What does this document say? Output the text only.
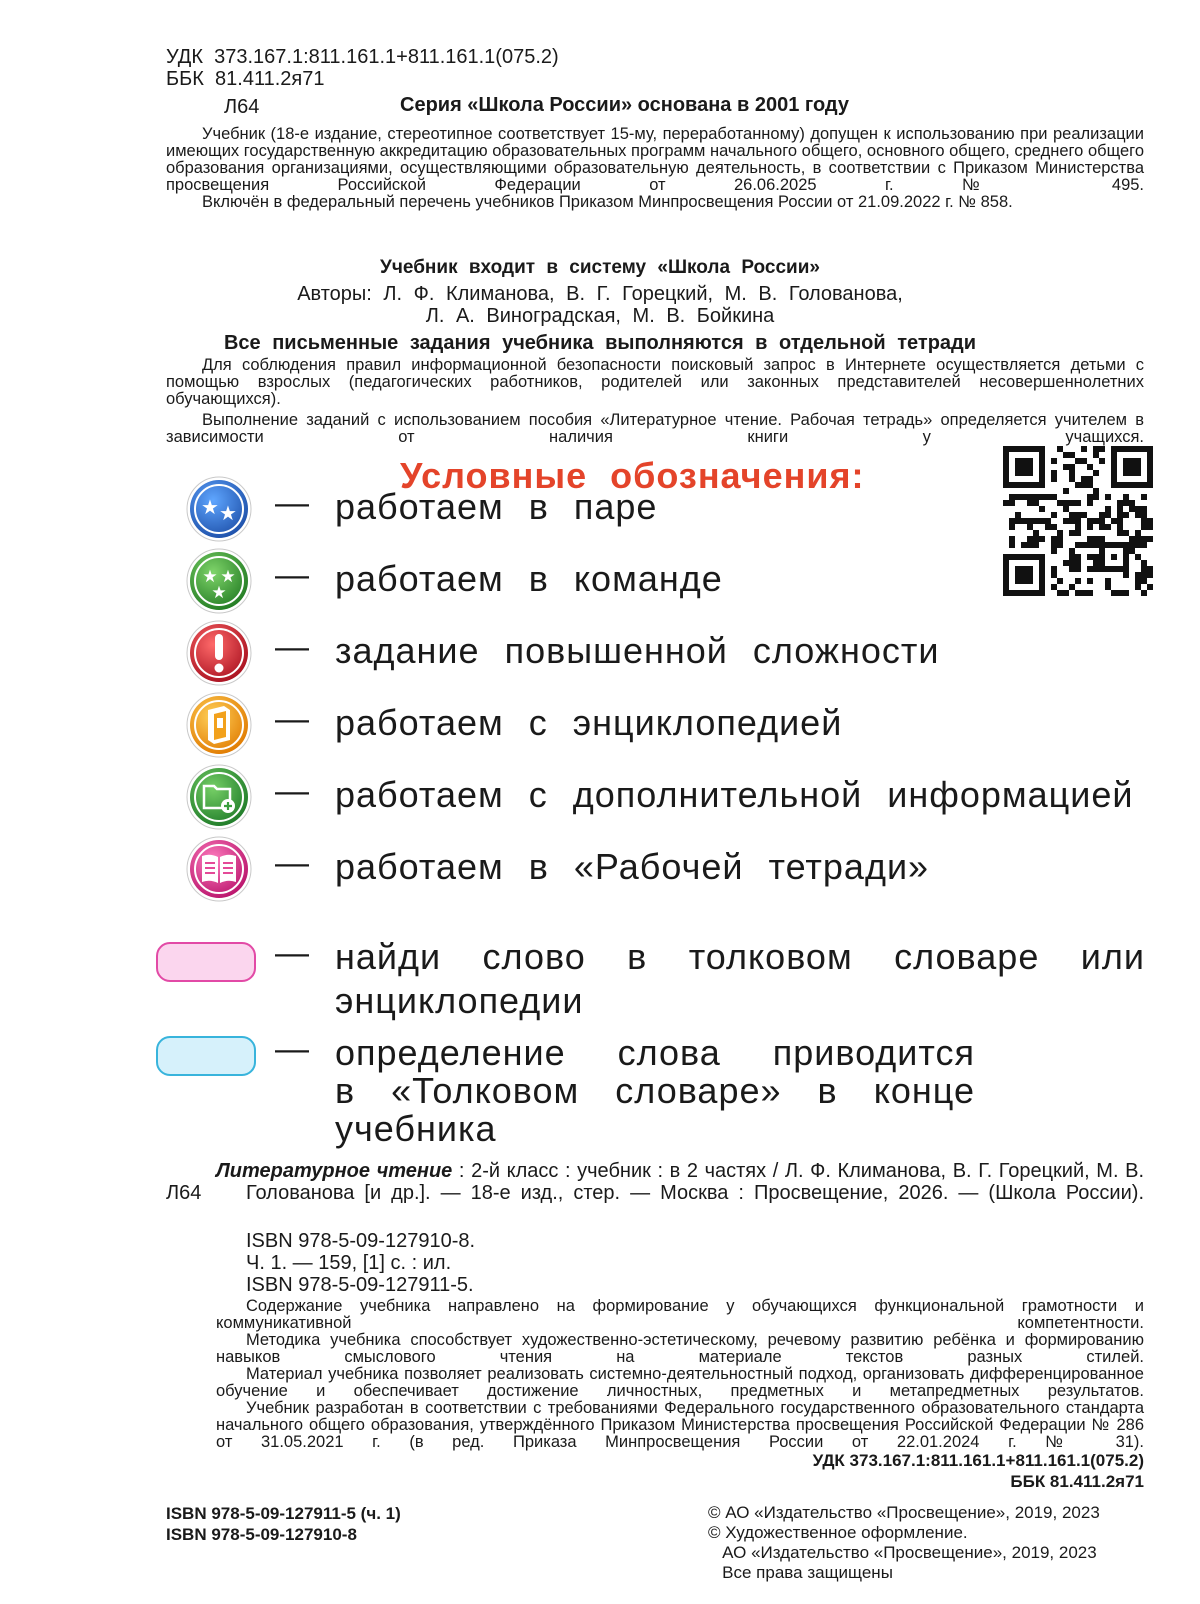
УДК  373.167.1:811.161.1+811.161.1(075.2)
ББК  81.411.2я71
Л64	Серия «Школа России» основана в 2001 году

Учебник (18-е издание, стереотипное соответствует 15-му, переработанному) допущен к использованию при реализации имеющих государственную аккредитацию образовательных программ начального общего, основного общего, среднего общего образования организациями, осуществляющими образовательную деятельность, в соответствии с Приказом Министерства просвещения Российской Федерации от 26.06.2025 г. № 495.

Включён в федеральный перечень учебников Приказом Минпросвещения России от 21.09.2022 г. № 858.

Учебник входит в систему «Школа России»
Авторы: Л. Ф. Климанова, В. Г. Горецкий, М. В. Голованова,
Л. А. Виноградская, М. В. Бойкина
Все письменные задания учебника выполняются в отдельной тетради

Для соблюдения правил информационной безопасности поисковый запрос в Интернете осуществляется детьми с помощью взрослых (педагогических работников, родителей или законных представителей несовершеннолетних обучающихся).

Выполнение заданий с использованием пособия «Литературное чтение. Рабочая тетрадь» определяется учителем в зависимости от наличия книги у учащихся.

Условные обозначения:
★ ★ — работаем в паре
★ ★
★ — работаем в команде
— задание повышенной сложности
— работаем с энциклопедией
— работаем с дополнительной информацией
— работаем в «Рабочей тетради»
— найди слово в толковом словаре или
энциклопедии
— определение слова приводится
в «Толковом словаре» в конце
учебника
Л64
Литературное чтение : 2-й класс : учебник : в 2 частях / Л. Ф. Климанова, В. Г. Горецкий, М. В. Голованова [и др.]. — 18-е изд., стер. — Москва : Просвещение, 2026. — (Школа России).
ISBN 978-5-09-127910-8.
Ч. 1. — 159, [1] с. : ил.
ISBN 978-5-09-127911-5.

Содержание учебника направлено на формирование у обучающихся функциональной грамотности и коммуникативной компетентности.

Методика учебника способствует художественно-эстетическому, речевому развитию ребёнка и формированию навыков смыслового чтения на материале текстов разных стилей.

Материал учебника позволяет реализовать системно-деятельностный подход, организовать дифференцированное обучение и обеспечивает достижение личностных, предметных и метапредметных результатов.

Учебник разработан в соответствии с требованиями Федерального государственного образовательного стандарта начального общего образования, утверждённого Приказом Министерства просвещения Российской Федерации № 286 от 31.05.2021 г. (в ред. Приказа Минпросвещения России от 22.01.2024 г. № 31).

УДК 373.167.1:811.161.1+811.161.1(075.2)
ББК 81.411.2я71
ISBN 978-5-09-127911-5 (ч. 1)
ISBN 978-5-09-127910-8
© АО «Издательство «Просвещение», 2019, 2023
© Художественное оформление.
АО «Издательство «Просвещение», 2019, 2023
Все права защищены
